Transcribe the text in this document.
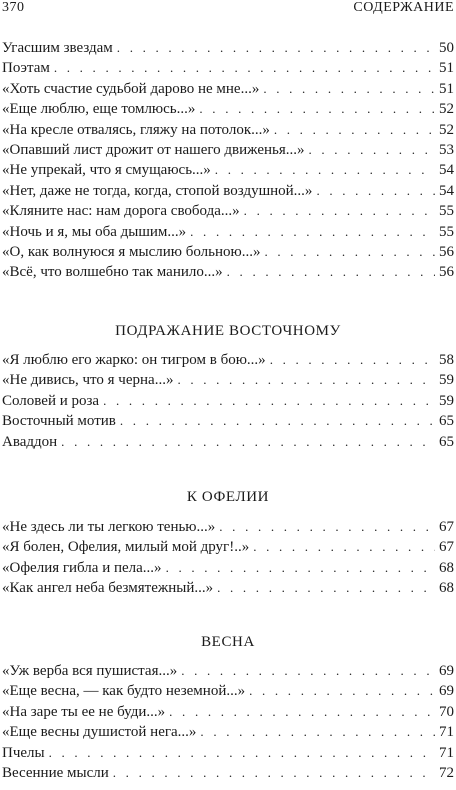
370	СОДЕРЖАНИЕ
Угасшим звездам . . .	50
Поэтам . . .	51
«Хоть счастие судьбой дарово не мне...» . . .	51
«Еще люблю, еще томлюсь...» . . .	52
«На кресле отвалясь, гляжу на потолок...» . . .	52
«Опавший лист дрожит от нашего движенья...» . . .	53
«Не упрекай, что я смущаюсь...» . . .	54
«Нет, даже не тогда, когда, стопой воздушной...» . . .	54
«Кляните нас: нам дорога свобода...» . . .	55
«Ночь и я, мы оба дышим...» . . .	55
«О, как волнуюся я мыслию больною...» . . .	56
«Всё, что волшебно так манило...» . . .	56
ПОДРАЖАНИЕ ВОСТОЧНОМУ
«Я люблю его жарко: он тигром в бою...» . . .	58
«Не дивись, что я черна...» . . .	59
Соловей и роза . . .	59
Восточный мотив . . .	65
Аваддон . . .	65
К ОФЕЛИИ
«Не здесь ли ты легкою тенью...» . . .	67
«Я болен, Офелия, милый мой друг!..» . . .	67
«Офелия гибла и пела...» . . .	68
«Как ангел неба безмятежный...» . . .	68
ВЕСНА
«Уж верба вся пушистая...» . . .	69
«Еще весна, — как будто неземной...» . . .	69
«На заре ты ее не буди...» . . .	70
«Еще весны душистой нега...» . . .	71
Пчелы . . .	71
Весенние мысли . . .	72
